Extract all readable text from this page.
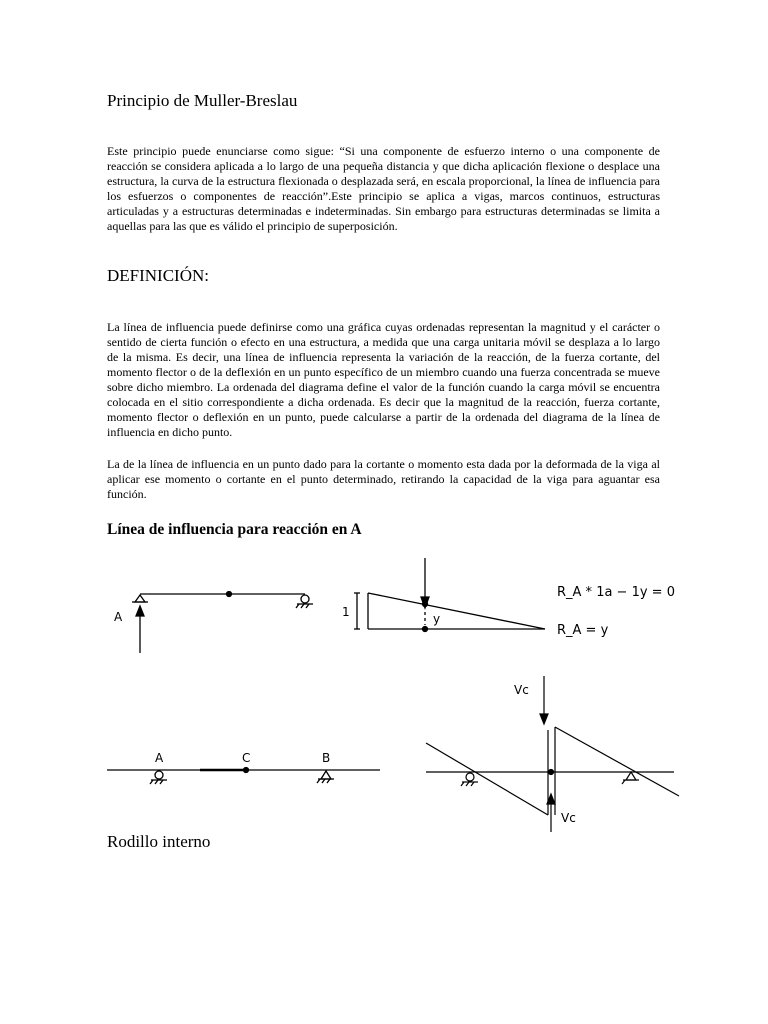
Principio de Muller-Breslau
Este principio puede enunciarse como sigue: “Si una componente de esfuerzo interno o una componente de reacción se considera aplicada a lo largo de una pequeña distancia y que dicha aplicación flexione o desplace una estructura, la curva de la estructura flexionada o desplazada será, en escala proporcional, la línea de influencia para los esfuerzos o componentes de reacción”.Este principio se aplica a vigas, marcos continuos, estructuras articuladas y a estructuras determinadas e indeterminadas. Sin embargo para estructuras determinadas se limita a aquellas para las que es válido el principio de superposición.
DEFINICIÓN:
La línea de influencia puede definirse como una gráfica cuyas ordenadas representan la magnitud y el carácter o sentido de cierta función o efecto en una estructura, a medida que una carga unitaria móvil se desplaza a lo largo de la misma. Es decir, una línea de influencia representa la variación de la reacción, de la fuerza cortante, del momento flector o de la deflexión en un punto específico de un miembro cuando una fuerza concentrada se mueve sobre dicho miembro. La ordenada del diagrama define el valor de la función cuando la carga móvil se encuentra colocada en el sitio correspondiente a dicha ordenada. Es decir que la magnitud de la reacción, fuerza cortante, momento flector o deflexión en un punto, puede calcularse a partir de la ordenada del diagrama de la línea de influencia en dicho punto.
La de la línea de influencia en un punto dado para la cortante o momento esta dada por la deformada de la viga al aplicar ese momento o cortante en el punto determinado, retirando la capacidad de la viga para aguantar esa función.
Línea de influencia para reacción en A
A	1	y
R_A * 1a − 1y = 0
R_A = y
A	C	B
Vc
Vc
Rodillo interno
